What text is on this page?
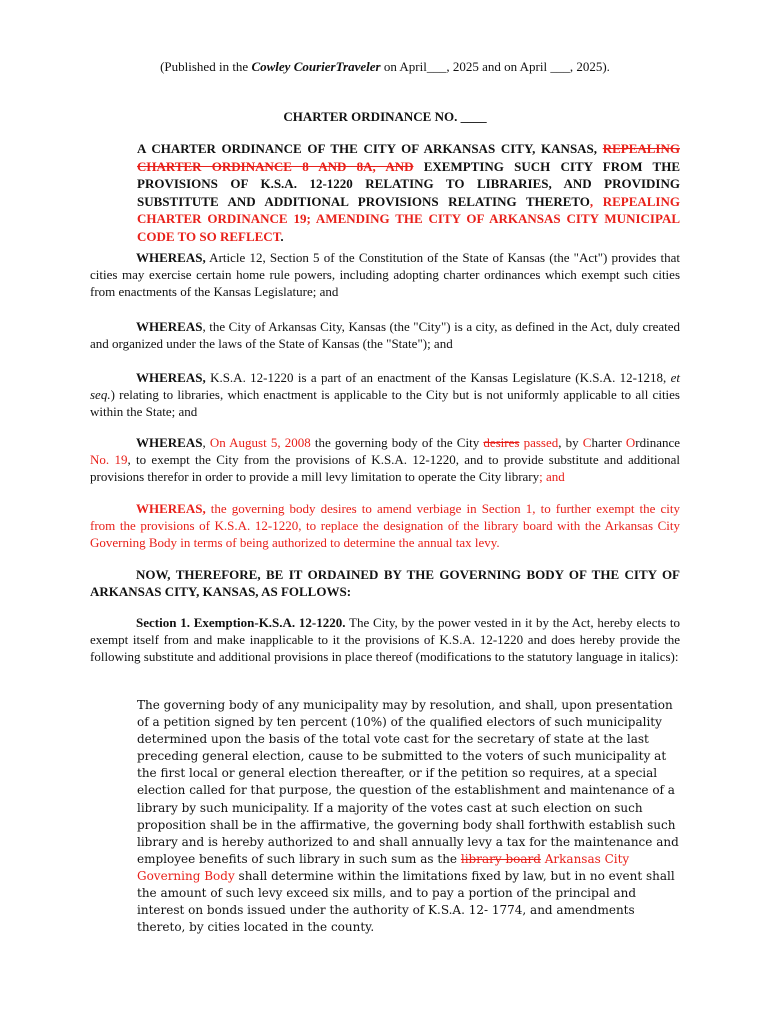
(Published in the Cowley CourierTraveler on April___, 2025 and on April ___, 2025).
CHARTER ORDINANCE NO. ____
A CHARTER ORDINANCE OF THE CITY OF ARKANSAS CITY, KANSAS, REPEALING CHARTER ORDINANCE 8 AND 8A, AND EXEMPTING SUCH CITY FROM THE PROVISIONS OF K.S.A. 12-1220 RELATING TO LIBRARIES, AND PROVIDING SUBSTITUTE AND ADDITIONAL PROVISIONS RELATING THERETO, REPEALING CHARTER ORDINANCE 19; AMENDING THE CITY OF ARKANSAS CITY MUNICIPAL CODE TO SO REFLECT.
WHEREAS, Article 12, Section 5 of the Constitution of the State of Kansas (the "Act") provides that cities may exercise certain home rule powers, including adopting charter ordinances which exempt such cities from enactments of the Kansas Legislature; and
WHEREAS, the City of Arkansas City, Kansas (the "City") is a city, as defined in the Act, duly created and organized under the laws of the State of Kansas (the "State"); and
WHEREAS, K.S.A. 12-1220 is a part of an enactment of the Kansas Legislature (K.S.A. 12-1218, et seq.) relating to libraries, which enactment is applicable to the City but is not uniformly applicable to all cities within the State; and
WHEREAS, On August 5, 2008 the governing body of the City desires passed, by Charter Ordinance No. 19, to exempt the City from the provisions of K.S.A. 12-1220, and to provide substitute and additional provisions therefor in order to provide a mill levy limitation to operate the City library; and
WHEREAS, the governing body desires to amend verbiage in Section 1, to further exempt the city from the provisions of K.S.A. 12-1220, to replace the designation of the library board with the Arkansas City Governing Body in terms of being authorized to determine the annual tax levy.
NOW, THEREFORE, BE IT ORDAINED BY THE GOVERNING BODY OF THE CITY OF ARKANSAS CITY, KANSAS, AS FOLLOWS:
Section 1. Exemption-K.S.A. 12-1220. The City, by the power vested in it by the Act, hereby elects to exempt itself from and make inapplicable to it the provisions of K.S.A. 12-1220 and does hereby provide the following substitute and additional provisions in place thereof (modifications to the statutory language in italics):
The governing body of any municipality may by resolution, and shall, upon presentation of a petition signed by ten percent (10%) of the qualified electors of such municipality determined upon the basis of the total vote cast for the secretary of state at the last preceding general election, cause to be submitted to the voters of such municipality at the first local or general election thereafter, or if the petition so requires, at a special election called for that purpose, the question of the establishment and maintenance of a library by such municipality. If a majority of the votes cast at such election on such proposition shall be in the affirmative, the governing body shall forthwith establish such library and is hereby authorized to and shall annually levy a tax for the maintenance and employee benefits of such library in such sum as the library board Arkansas City Governing Body shall determine within the limitations fixed by law, but in no event shall the amount of such levy exceed six mills, and to pay a portion of the principal and interest on bonds issued under the authority of K.S.A. 12- 1774, and amendments thereto, by cities located in the county.
